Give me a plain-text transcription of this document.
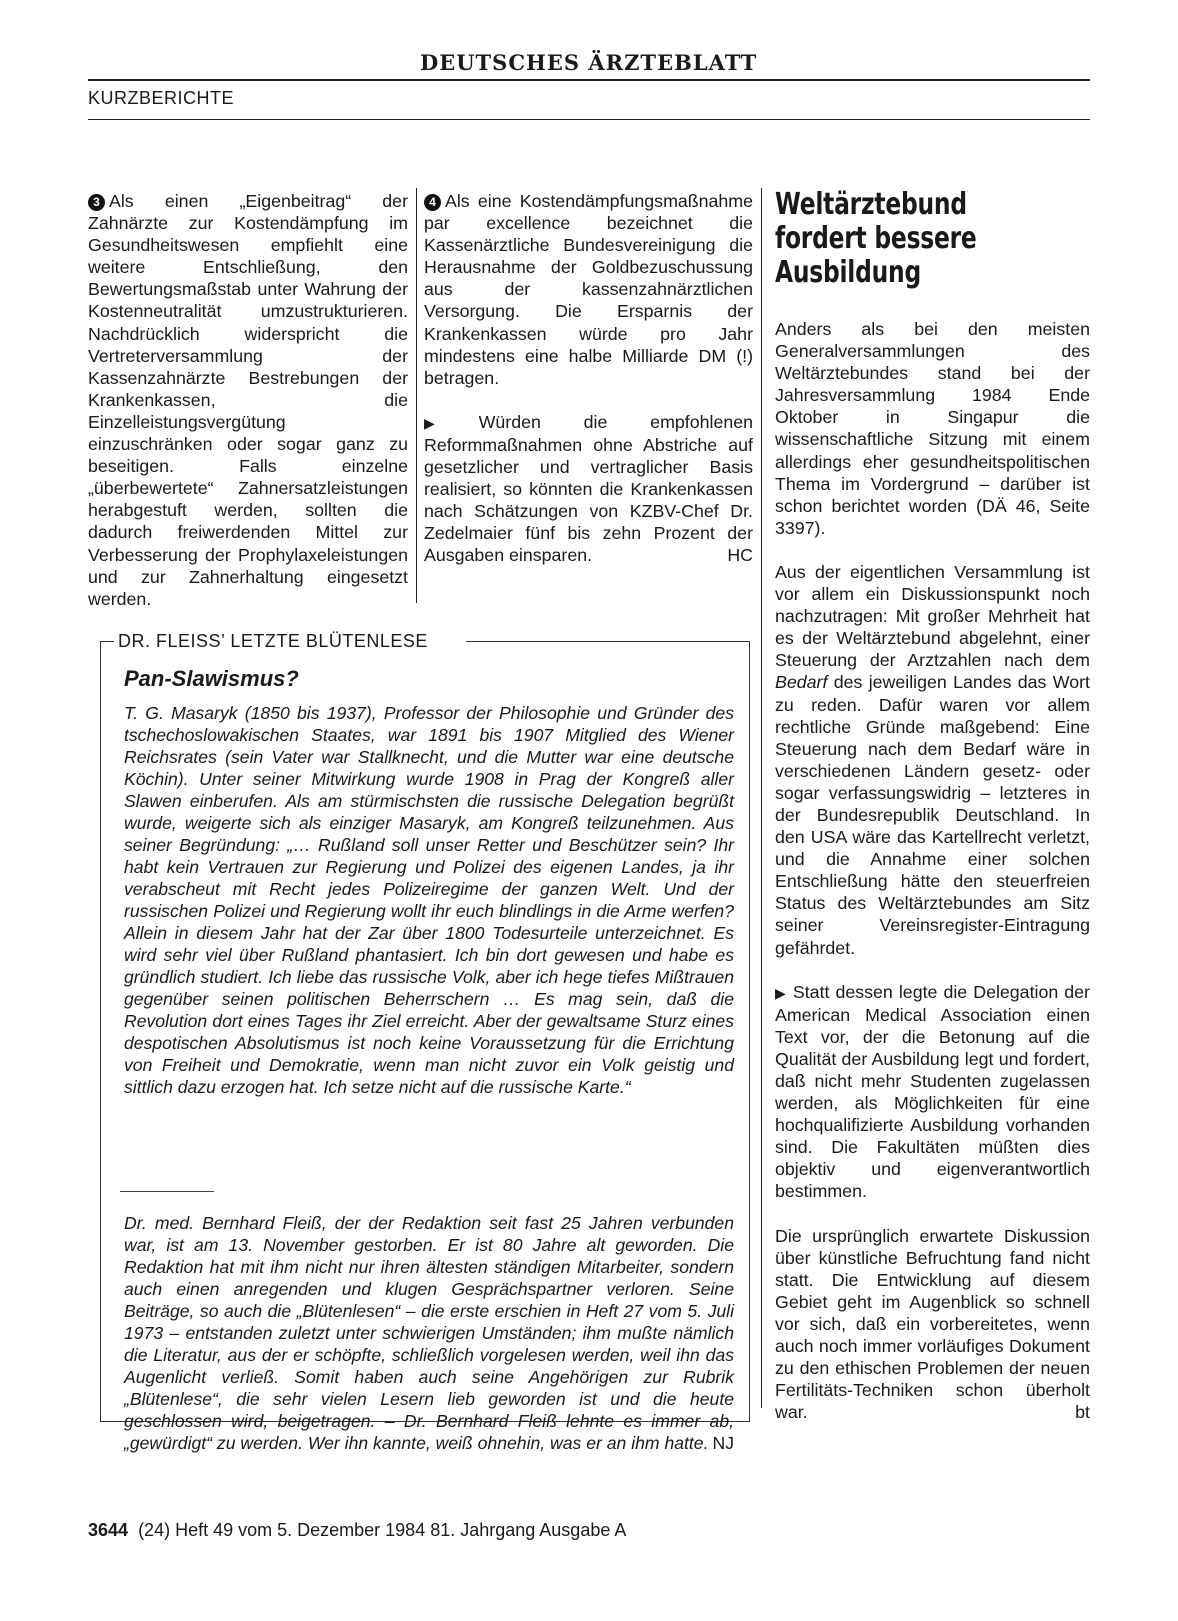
DEUTSCHES ÄRZTEBLATT
KURZBERICHTE

3 Als einen „Eigenbeitrag“ der Zahnärzte zur Kostendämpfung im Gesundheitswesen empfiehlt eine weitere Entschließung, den Bewertungsmaßstab unter Wahrung der Kostenneutralität umzustrukturieren. Nachdrücklich widerspricht die Vertreterversammlung der Kassenzahnärzte Bestrebungen der Krankenkassen, die Einzelleistungsvergütung einzuschränken oder sogar ganz zu beseitigen. Falls einzelne „überbewertete“ Zahnersatzleistungen herabgestuft werden, sollten die dadurch freiwerdenden Mittel zur Verbesserung der Prophylaxeleistungen und zur Zahnerhaltung eingesetzt werden.

4 Als eine Kostendämpfungsmaßnahme par excellence bezeichnet die Kassenärztliche Bundesvereinigung die Herausnahme der Goldbezuschussung aus der kassenzahnärztlichen Versorgung. Die Ersparnis der Krankenkassen würde pro Jahr mindestens eine halbe Milliarde DM (!) betragen.

▶ Würden die empfohlenen Reformmaßnahmen ohne Abstriche auf gesetzlicher und vertraglicher Basis realisiert, so könnten die Krankenkassen nach Schätzungen von KZBV-Chef Dr. Zedelmaier fünf bis zehn Prozent der Ausgaben einsparen.	HC

Weltärztebund
fordert bessere
Ausbildung

Anders als bei den meisten Generalversammlungen des Weltärztebundes stand bei der Jahresversammlung 1984 Ende Oktober in Singapur die wissenschaftliche Sitzung mit einem allerdings eher gesundheitspolitischen Thema im Vordergrund – darüber ist schon berichtet worden (DÄ 46, Seite 3397).

Aus der eigentlichen Versammlung ist vor allem ein Diskussionspunkt noch nachzutragen: Mit großer Mehrheit hat es der Weltärztebund abgelehnt, einer Steuerung der Arztzahlen nach dem Bedarf des jeweiligen Landes das Wort zu reden. Dafür waren vor allem rechtliche Gründe maßgebend: Eine Steuerung nach dem Bedarf wäre in verschiedenen Ländern gesetz- oder sogar verfassungswidrig – letzteres in der Bundesrepublik Deutschland. In den USA wäre das Kartellrecht verletzt, und die Annahme einer solchen Entschließung hätte den steuerfreien Status des Weltärztebundes am Sitz seiner Vereinsregister-Eintragung gefährdet.

▶ Statt dessen legte die Delegation der American Medical Association einen Text vor, der die Betonung auf die Qualität der Ausbildung legt und fordert, daß nicht mehr Studenten zugelassen werden, als Möglichkeiten für eine hochqualifizierte Ausbildung vorhanden sind. Die Fakultäten müßten dies objektiv und eigenverantwortlich bestimmen.

Die ursprünglich erwartete Diskussion über künstliche Befruchtung fand nicht statt. Die Entwicklung auf diesem Gebiet geht im Augenblick so schnell vor sich, daß ein vorbereitetes, wenn auch noch immer vorläufiges Dokument zu den ethischen Problemen der neuen Fertilitäts-Techniken schon überholt war.	bt

DR. FLEISS’ LETZTE BLÜTENLESE
Pan-Slawismus?
T. G. Masaryk (1850 bis 1937), Professor der Philosophie und Gründer des tschechoslowakischen Staates, war 1891 bis 1907 Mitglied des Wiener Reichsrates (sein Vater war Stallknecht, und die Mutter war eine deutsche Köchin). Unter seiner Mitwirkung wurde 1908 in Prag der Kongreß aller Slawen einberufen. Als am stürmischsten die russische Delegation begrüßt wurde, weigerte sich als einziger Masaryk, am Kongreß teilzunehmen. Aus seiner Begründung: „… Rußland soll unser Retter und Beschützer sein? Ihr habt kein Vertrauen zur Regierung und Polizei des eigenen Landes, ja ihr verabscheut mit Recht jedes Polizeiregime der ganzen Welt. Und der russischen Polizei und Regierung wollt ihr euch blindlings in die Arme werfen? Allein in diesem Jahr hat der Zar über 1800 Todesurteile unterzeichnet. Es wird sehr viel über Rußland phantasiert. Ich bin dort gewesen und habe es gründlich studiert. Ich liebe das russische Volk, aber ich hege tiefes Mißtrauen gegenüber seinen politischen Beherrschern … Es mag sein, daß die Revolution dort eines Tages ihr Ziel erreicht. Aber der gewaltsame Sturz eines despotischen Absolutismus ist noch keine Voraussetzung für die Errichtung von Freiheit und Demokratie, wenn man nicht zuvor ein Volk geistig und sittlich dazu erzogen hat. Ich setze nicht auf die russische Karte.“
Dr. med. Bernhard Fleiß, der der Redaktion seit fast 25 Jahren verbunden war, ist am 13. November gestorben. Er ist 80 Jahre alt geworden. Die Redaktion hat mit ihm nicht nur ihren ältesten ständigen Mitarbeiter, sondern auch einen anregenden und klugen Gesprächspartner verloren. Seine Beiträge, so auch die „Blütenlesen“ – die erste erschien in Heft 27 vom 5. Juli 1973 – entstanden zuletzt unter schwierigen Umständen; ihm mußte nämlich die Literatur, aus der er schöpfte, schließlich vorgelesen werden, weil ihn das Augenlicht verließ. Somit haben auch seine Angehörigen zur Rubrik „Blütenlese“, die sehr vielen Lesern lieb geworden ist und die heute geschlossen wird, beigetragen. – Dr. Bernhard Fleiß lehnte es immer ab, „gewürdigt“ zu werden. Wer ihn kannte, weiß ohnehin, was er an ihm hatte. NJ
3644 (24) Heft 49 vom 5. Dezember 1984 81. Jahrgang Ausgabe A
